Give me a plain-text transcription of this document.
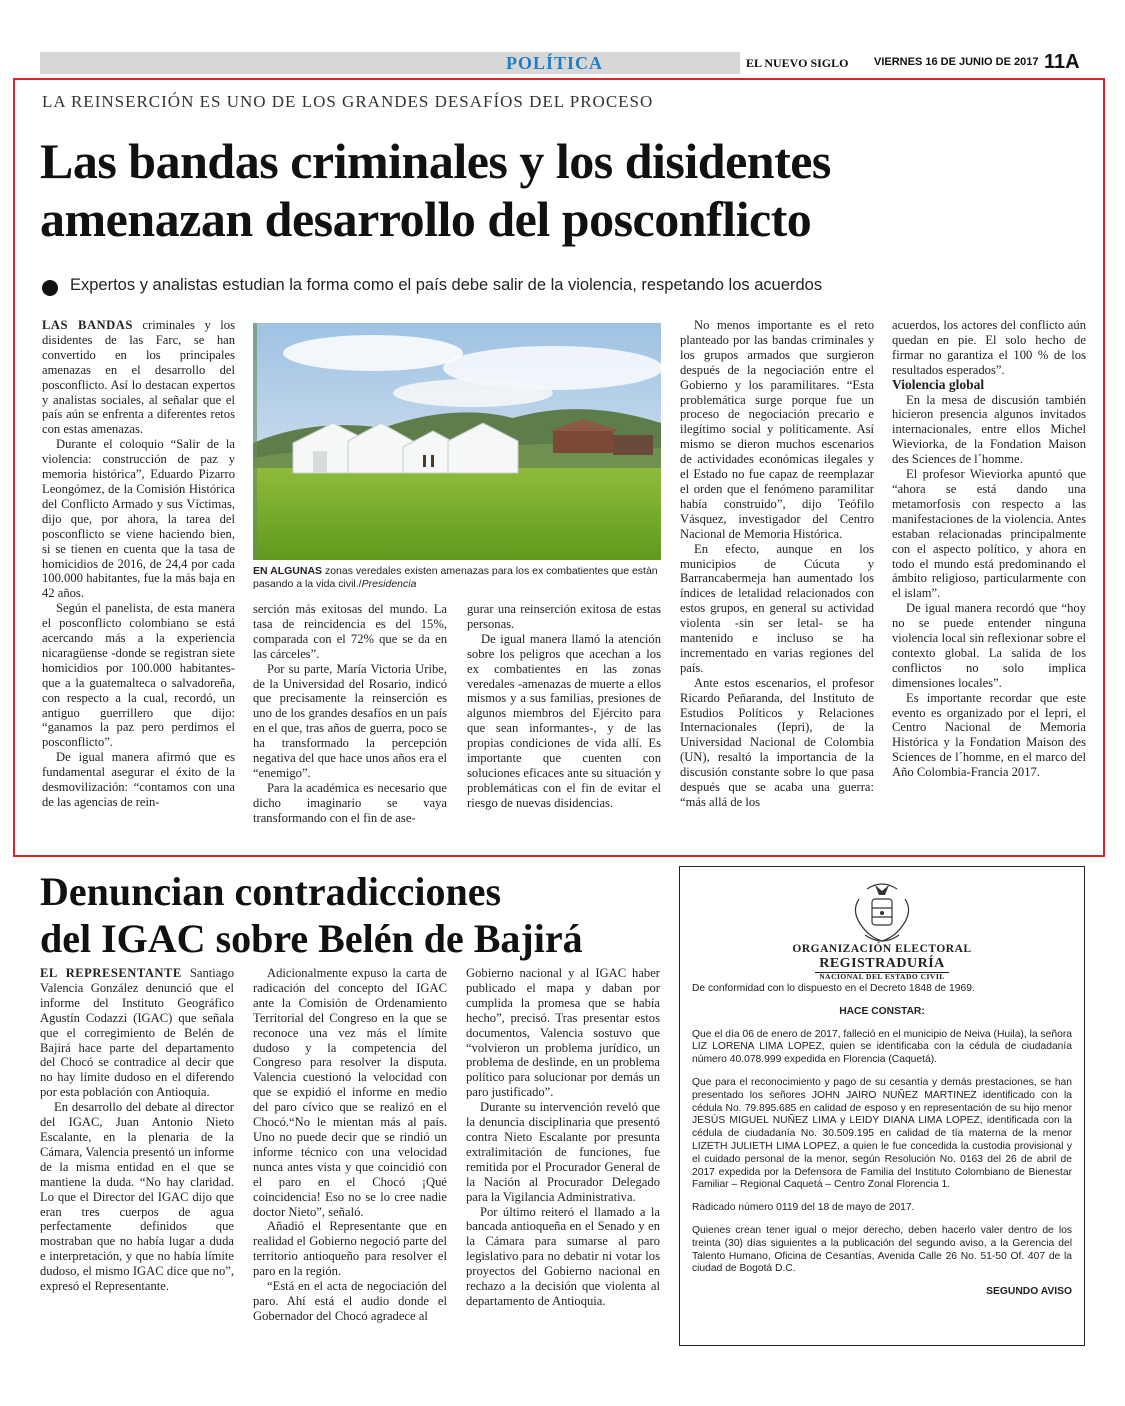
POLÍTICA	EL NUEVO SIGLO VIERNES 16 DE JUNIO DE 2017 11A
LA REINSERCIÓN ES UNO DE LOS GRANDES DESAFÍOS DEL PROCESO
Las bandas criminales y los disidentes
amenazan desarrollo del posconflicto
Expertos y analistas estudian la forma como el país debe salir de la violencia, respetando los acuerdos

LAS BANDAS criminales y los disidentes de las Farc, se han convertido en los principales amenazas en el desarrollo del posconflicto. Así lo destacan expertos y analistas sociales, al señalar que el país aún se enfrenta a diferentes retos con estas amenazas.

Durante el coloquio “Salir de la violencia: construcción de paz y memoria histórica”, Eduardo Pizarro Leongómez, de la Comisión Histórica del Conflicto Armado y sus Víctimas, dijo que, por ahora, la tarea del posconflicto se viene haciendo bien, si se tienen en cuenta que la tasa de homicidios de 2016, de 24,4 por cada 100.000 habitantes, fue la más baja en 42 años.

Según el panelista, de esta manera el posconflicto colombiano se está acercando más a la experiencia nicaragüense -donde se registran siete homicidios por 100.000 habitantes- que a la guatemalteca o salvadoreña, con respecto a la cual, recordó, un antiguo guerrillero que dijo: “ganamos la paz pero perdimos el posconflicto”.

De igual manera afirmó que es fundamental asegurar el éxito de la desmovilización: “contamos con una de las agencias de rein-

EN ALGUNAS zonas veredales existen amenazas para los ex combatientes que están pasando a la vida civil./Presidencia

serción más exitosas del mundo. La tasa de reincidencia es del 15%, comparada con el 72% que se da en las cárceles”.

Por su parte, María Victoria Uribe, de la Universidad del Rosario, indicó que precisamente la reinserción es uno de los grandes desafíos en un país en el que, tras años de guerra, poco se ha transformado la percepción negativa del que hace unos años era el “enemigo”.

Para la académica es necesario que dicho imaginario se vaya transformando con el fin de ase-

gurar una reinserción exitosa de estas personas.

De igual manera llamó la atención sobre los peligros que acechan a los ex combatientes en las zonas veredales -amenazas de muerte a ellos mismos y a sus familias, presiones de algunos miembros del Ejército para que sean informantes-, y de las propias condiciones de vida allí. Es importante que cuenten con soluciones eficaces ante su situación y problemáticas con el fin de evitar el riesgo de nuevas disidencias.

No menos importante es el reto planteado por las bandas criminales y los grupos armados que surgieron después de la negociación entre el Gobierno y los paramilitares. “Esta problemática surge porque fue un proceso de negociación precario e ilegítimo social y políticamente. Así mismo se dieron muchos escenarios de actividades económicas ilegales y el Estado no fue capaz de reemplazar el orden que el fenómeno paramilitar había construido”, dijo Teófilo Vásquez, investigador del Centro Nacional de Memoria Histórica.

En efecto, aunque en los municipios de Cúcuta y Barrancabermeja han aumentado los índices de letalidad relacionados con estos grupos, en general su actividad violenta -sin ser letal- se ha mantenido e incluso se ha incrementado en varias regiones del país.

Ante estos escenarios, el profesor Ricardo Peñaranda, del Instituto de Estudios Políticos y Relaciones Internacionales (Iepri), de la Universidad Nacional de Colombia (UN), resaltó la importancia de la discusión constante sobre lo que pasa después que se acaba una guerra: “más allá de los

acuerdos, los actores del conflicto aún quedan en pie. El solo hecho de firmar no garantiza el 100 % de los resultados esperados”.

Violencia global

En la mesa de discusión también hicieron presencia algunos invitados internacionales, entre ellos Michel Wieviorka, de la Fondation Maison des Sciences de l´homme.

El profesor Wieviorka apuntó que “ahora se está dando una metamorfosis con respecto a las manifestaciones de la violencia. Antes estaban relacionadas principalmente con el aspecto político, y ahora en todo el mundo está predominando el ámbito religioso, particularmente con el islam”.

De igual manera recordó que “hoy no se puede entender ninguna violencia local sin reflexionar sobre el contexto global. La salida de los conflictos no solo implica dimensiones locales”.

Es importante recordar que este evento es organizado por el Iepri, el Centro Nacional de Memoria Histórica y la Fondation Maison des Sciences de l´homme, en el marco del Año Colombia-Francia 2017.

Denuncian contradicciones
del IGAC sobre Belén de Bajirá

EL REPRESENTANTE Santiago Valencia González denunció que el informe del Instituto Geográfico Agustín Codazzi (IGAC) que señala que el corregimiento de Belén de Bajirá hace parte del departamento del Chocó se contradice al decir que no hay límite dudoso en el diferendo por esta población con Antioquia.

En desarrollo del debate al director del IGAC, Juan Antonio Nieto Escalante, en la plenaria de la Cámara, Valencia presentó un informe de la misma entidad en el que se mantiene la duda. “No hay claridad. Lo que el Director del IGAC dijo que eran tres cuerpos de agua perfectamente definidos que mostraban que no había lugar a duda e interpretación, y que no había límite dudoso, el mismo IGAC dice que no”, expresó el Representante.

Adicionalmente expuso la carta de radicación del concepto del IGAC ante la Comisión de Ordenamiento Territorial del Congreso en la que se reconoce una vez más el límite dudoso y la competencia del Congreso para resolver la disputa. Valencia cuestionó la velocidad con que se expidió el informe en medio del paro cívico que se realizó en el Chocó.“No le mientan más al país. Uno no puede decir que se rindió un informe técnico con una velocidad nunca antes vista y que coincidió con el paro en el Chocó ¡Qué coincidencia! Eso no se lo cree nadie doctor Nieto”, señaló.

Añadió el Representante que en realidad el Gobierno negoció parte del territorio antioqueño para resolver el paro en la región.

“Está en el acta de negociación del paro. Ahí está el audio donde el Gobernador del Chocó agradece al

Gobierno nacional y al IGAC haber publicado el mapa y daban por cumplida la promesa que se había hecho”, precisó. Tras presentar estos documentos, Valencia sostuvo que “volvieron un problema jurídico, un problema de deslinde, en un problema político para solucionar por demás un paro justificado”.

Durante su intervención reveló que la denuncia disciplinaria que presentó contra Nieto Escalante por presunta extralimitación de funciones, fue remitida por el Procurador General de la Nación al Procurador Delegado para la Vigilancia Administrativa.

Por último reiteró el llamado a la bancada antioqueña en el Senado y en la Cámara para sumarse al paro legislativo para no debatir ni votar los proyectos del Gobierno nacional en rechazo a la decisión que violenta al departamento de Antioquia.

ORGANIZACIÓN ELECTORAL
REGISTRADURÍA
NACIONAL DEL ESTADO CIVIL

De conformidad con lo dispuesto en el Decreto 1848 de 1969.

HACE CONSTAR:

Que el día 06 de enero de 2017, falleció en el municipio de Neiva (Huila), la señora LIZ LORENA LIMA LOPEZ, quien se identificaba con la cédula de ciudadanía número 40.078.999 expedida en Florencia (Caquetá).

Que para el reconocimiento y pago de su cesantía y demás prestaciones, se han presentado los señores JOHN JAIRO NUÑEZ MARTINEZ identificado con la cédula No. 79.895.685 en calidad de esposo y en representación de su hijo menor JESÚS MIGUEL NUÑEZ LIMA y LEIDY DIANA LIMA LOPEZ, identificada con la cédula de ciudadanía No. 30.509.195 en calidad de tía materna de la menor LIZETH JULIETH LIMA LOPEZ, a quien le fue concedida la custodia provisional y el cuidado personal de la menor, según Resolución No. 0163 del 26 de abril de 2017 expedida por la Defensora de Familia del Instituto Colombiano de Bienestar Familiar – Regional Caquetá – Centro Zonal Florencia 1.

Radicado número 0119 del 18 de mayo de 2017.

Quienes crean tener igual o mejor derecho, deben hacerlo valer dentro de los treinta (30) días siguientes a la publicación del segundo aviso, a la Gerencia del Talento Humano, Oficina de Cesantías, Avenida Calle 26 No. 51-50 Of. 407 de la ciudad de Bogotá D.C.

SEGUNDO AVISO
